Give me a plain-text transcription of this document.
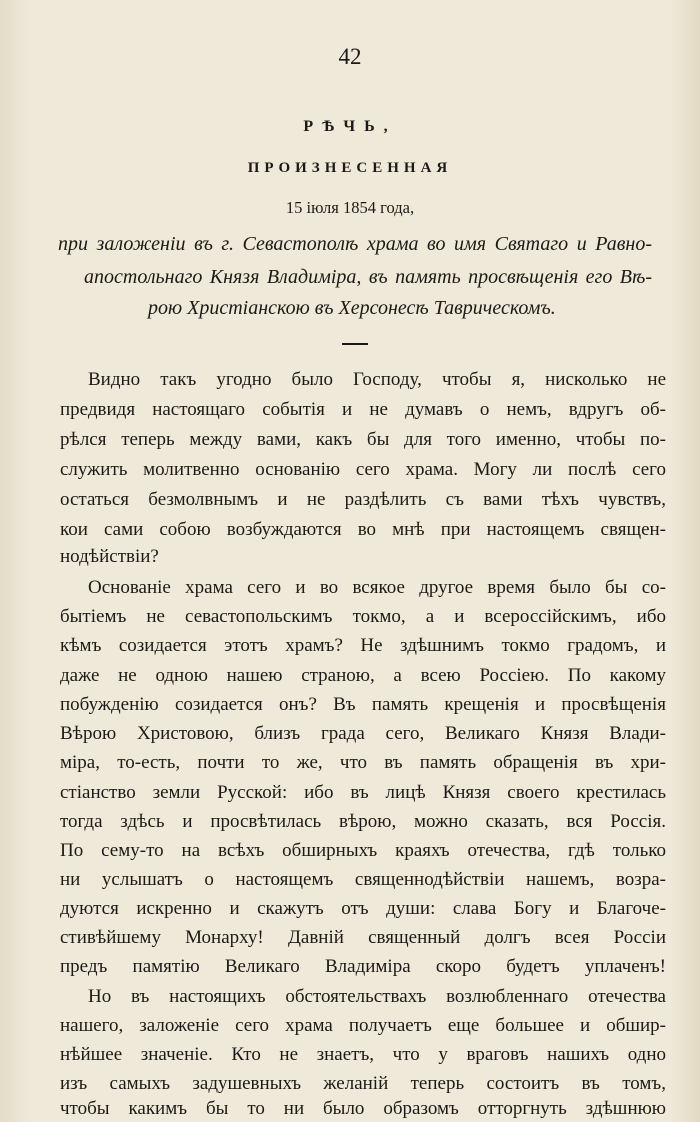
42
РѢЧЬ,
ПРОИЗНЕСЕННАЯ
15 іюля 1854 года,
при заложеніи въ г. Севастополѣ храма во имя Святаго и Равно-
апостольнаго Князя Владиміра, въ память просвѣщенія его Вѣ-
рою Христіанскою въ Херсонесѣ Таврическомъ.
Видно такъ угодно было Господу, чтобы я, нисколько не
предвидя настоящаго событія и не думавъ о немъ, вдругъ об-
рѣлся теперь между вами, какъ бы для того именно, чтобы по-
служить молитвенно основанію сего храма. Могу ли послѣ сего
остаться безмолвнымъ и не раздѣлить съ вами тѣхъ чувствъ,
кои сами собою возбуждаются во мнѣ при настоящемъ священ-
нодѣйствіи?
Основаніе храма сего и во всякое другое время было бы со-
бытіемъ не севастопольскимъ токмо, а и всероссійскимъ, ибо
кѣмъ созидается этотъ храмъ? Не здѣшнимъ токмо градомъ, и
даже не одною нашею страною, а всею Россіею. По какому
побужденію созидается онъ? Въ память крещенія и просвѣщенія
Вѣрою Христовою, близъ града сего, Великаго Князя Влади-
міра, то-есть, почти то же, что въ память обращенія въ хри-
стіанство земли Русской: ибо въ лицѣ Князя своего крестилась
тогда здѣсь и просвѣтилась вѣрою, можно сказать, вся Россія.
По сему-то на всѣхъ обширныхъ краяхъ отечества, гдѣ только
ни услышатъ о настоящемъ священнодѣйствіи нашемъ, возра-
дуются искренно и скажутъ отъ души: слава Богу и Благоче-
стивѣйшему Монарху! Давній священный долгъ всея Россіи
предъ памятію Великаго Владиміра скоро будетъ уплаченъ!
Но въ настоящихъ обстоятельствахъ возлюбленнаго отечества
нашего, заложеніе сего храма получаетъ еще большее и обшир-
нѣйшее значеніе. Кто не знаетъ, что у враговъ нашихъ одно
изъ самыхъ задушевныхъ желаній теперь состоитъ въ томъ,
чтобы какимъ бы то ни было образомъ отторгнуть здѣшнюю
